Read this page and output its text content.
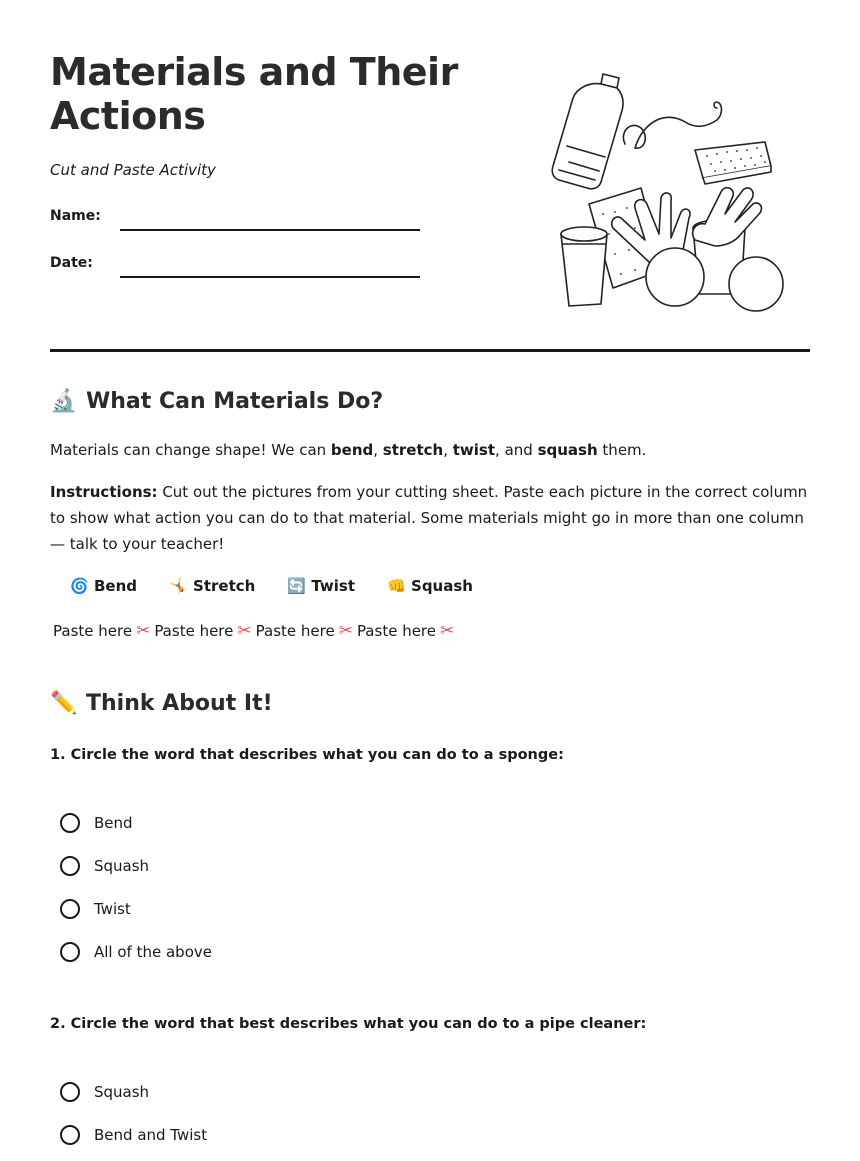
Materials and Their Actions

Cut and Paste Activity

Name:
Date:
🔬 What Can Materials Do?

Materials can change shape! We can bend, stretch, twist, and squash them.

Instructions: Cut out the pictures from your cutting sheet. Paste each picture in the correct column to show what action you can do to that material. Some materials might go in more than one column — talk to your teacher!

🌀 Bend 🤸 Stretch 🔄 Twist 👊 Squash
Paste here ✂ Paste here ✂ Paste here ✂ Paste here ✂
✏️ Think About It!

1. Circle the word that describes what you can do to a sponge:

Bend
Squash
Twist
All of the above

2. Circle the word that best describes what you can do to a pipe cleaner:

Squash
Bend and Twist
